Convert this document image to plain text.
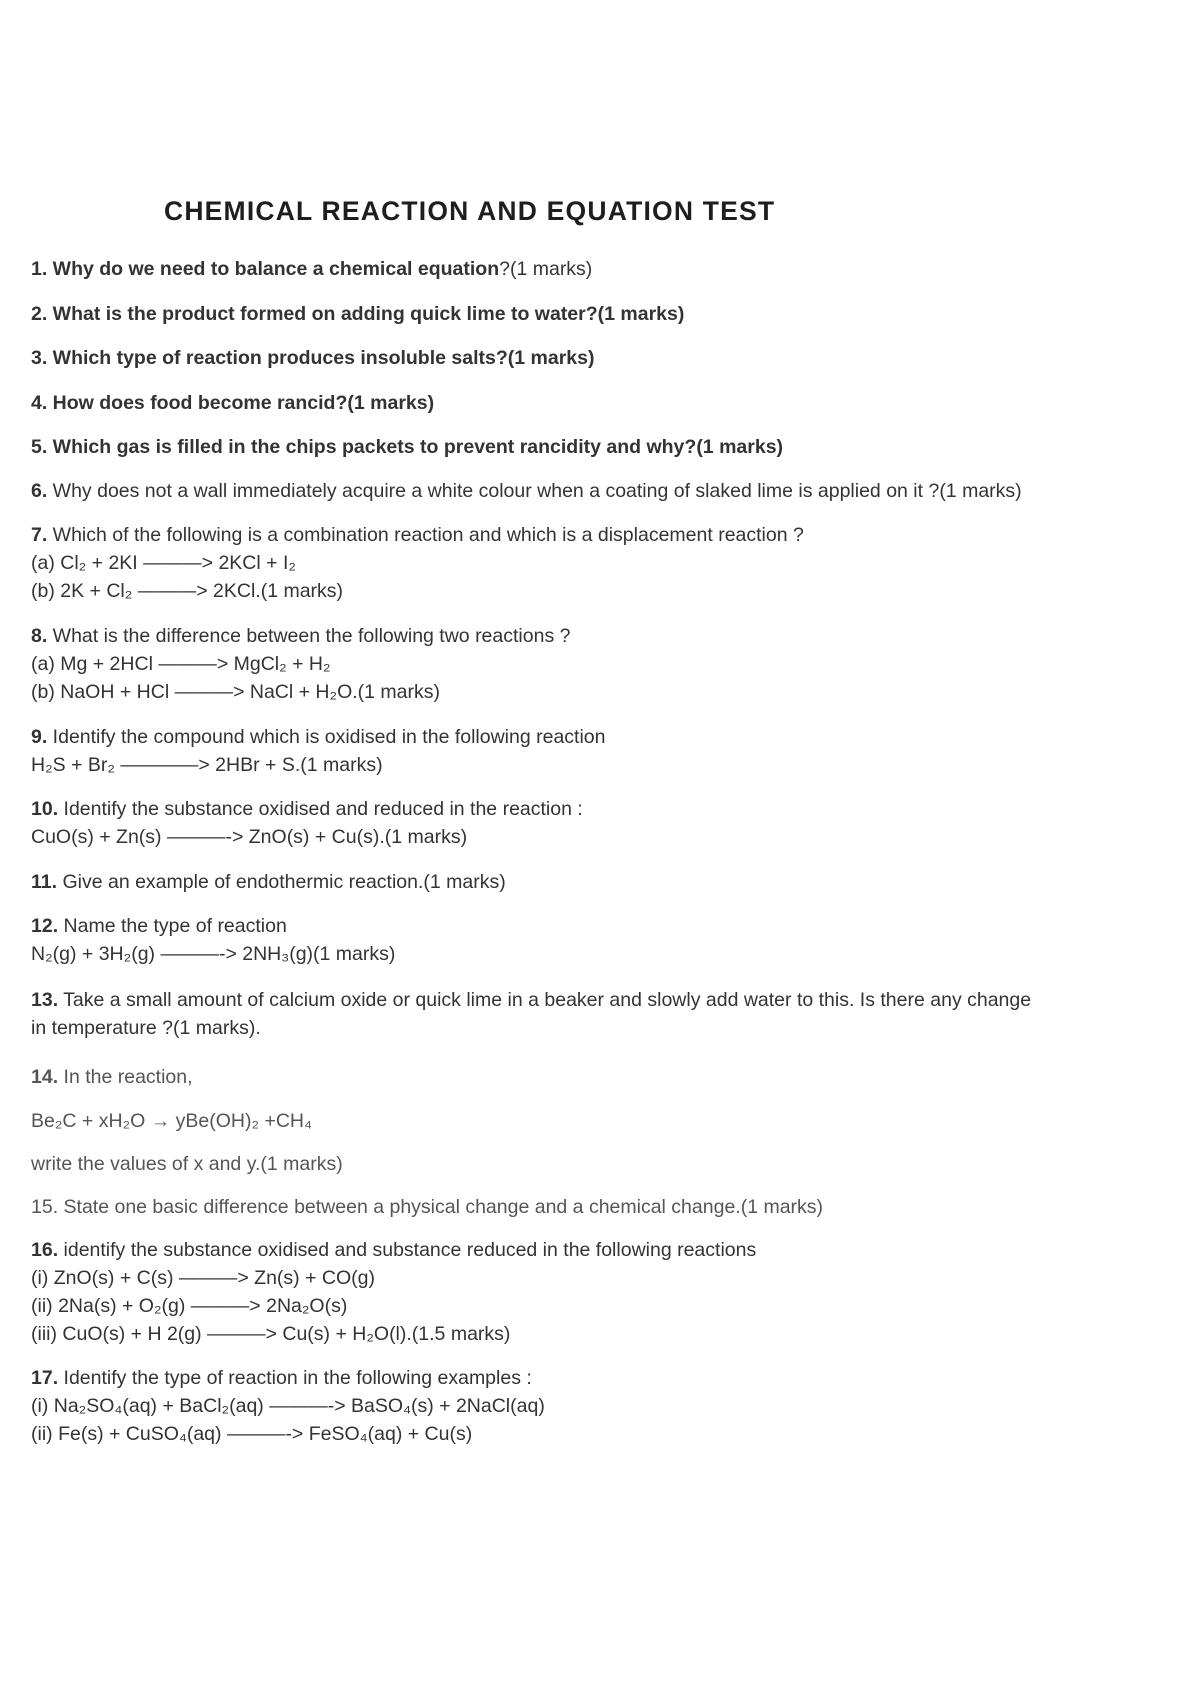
CHEMICAL REACTION AND EQUATION TEST

1. Why do we need to balance a chemical equation?(1 marks)

2. What is the product formed on adding quick lime to water?(1 marks)

3. Which type of reaction produces insoluble salts?(1 marks)

4. How does food become rancid?(1 marks)

5. Which gas is filled in the chips packets to prevent rancidity and why?(1 marks)

6. Why does not a wall immediately acquire a white colour when a coating of slaked lime is applied on it ?(1 marks)

7. Which of the following is a combination reaction and which is a displacement reaction ?
(a) Cl₂ + 2KI ———> 2KCl + I₂
(b) 2K + Cl₂ ———> 2KCl.(1 marks)

8. What is the difference between the following two reactions ?
(a) Mg + 2HCl ———> MgCl₂ + H₂
(b) NaOH + HCl ———> NaCl + H₂O.(1 marks)

9. Identify the compound which is oxidised in the following reaction
H₂S + Br₂ ————> 2HBr + S.(1 marks)

10. Identify the substance oxidised and reduced in the reaction :
CuO(s) + Zn(s) ———-> ZnO(s) + Cu(s).(1 marks)

11. Give an example of endothermic reaction.(1 marks)

12. Name the type of reaction
N₂(g) + 3H₂(g) ———-> 2NH₃(g)(1 marks)

13. Take a small amount of calcium oxide or quick lime in a beaker and slowly add water to this. Is there any change
in temperature ?(1 marks).

14. In the reaction,

Be₂C + xH₂O → yBe(OH)₂ +CH₄

write the values of x and y.(1 marks)

15. State one basic difference between a physical change and a chemical change.(1 marks)

16. identify the substance oxidised and substance reduced in the following reactions
(i) ZnO(s) + C(s) ———> Zn(s) + CO(g)
(ii) 2Na(s) + O₂(g) ———> 2Na₂O(s)
(iii) CuO(s) + H 2(g) ———> Cu(s) + H₂O(l).(1.5 marks)

17. Identify the type of reaction in the following examples :
(i) Na₂SO₄(aq) + BaCl₂(aq) ———-> BaSO₄(s) + 2NaCl(aq)
(ii) Fe(s) + CuSO₄(aq) ———-> FeSO₄(aq) + Cu(s)
